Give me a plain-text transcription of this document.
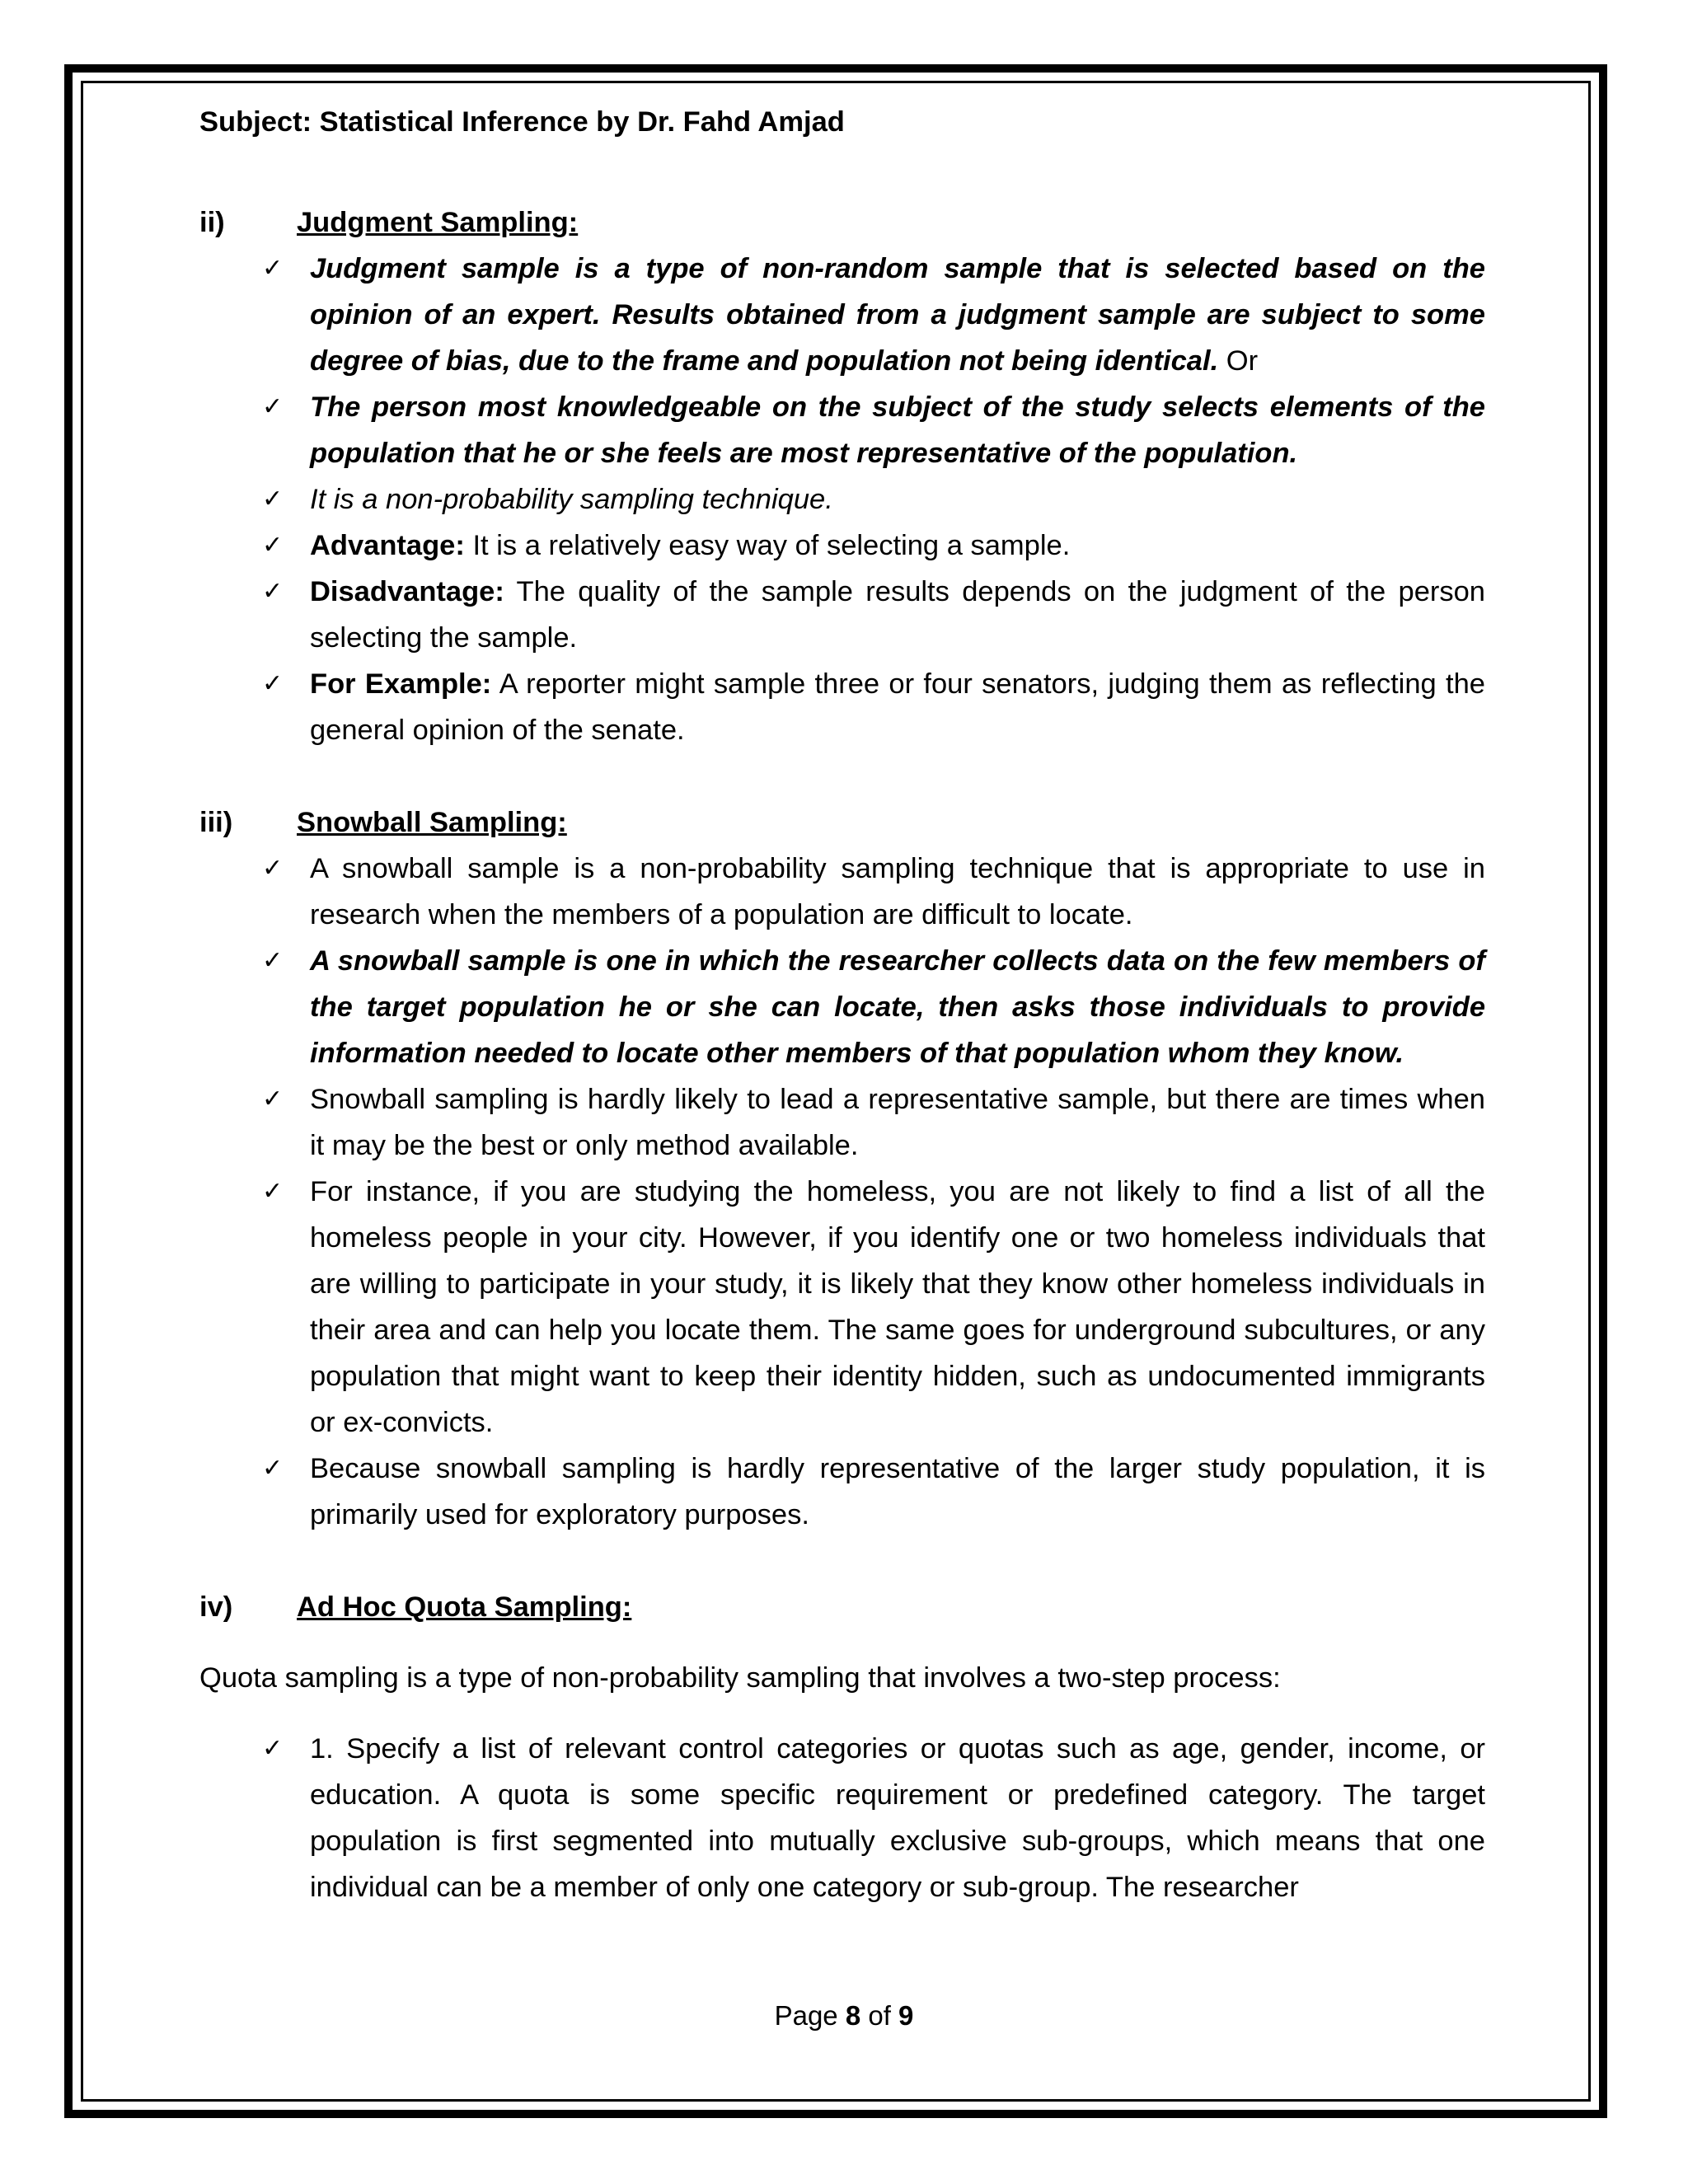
Subject: Statistical Inference by Dr. Fahd Amjad
ii)	Judgment Sampling:
✓ Judgment sample is a type of non-random sample that is selected based on the opinion of an expert. Results obtained from a judgment sample are subject to some degree of bias, due to the frame and population not being identical. Or
✓ The person most knowledgeable on the subject of the study selects elements of the population that he or she feels are most representative of the population.
✓ It is a non-probability sampling technique.
✓ Advantage: It is a relatively easy way of selecting a sample.
✓ Disadvantage: The quality of the sample results depends on the judgment of the person selecting the sample.
✓ For Example: A reporter might sample three or four senators, judging them as reflecting the general opinion of the senate.
iii)	Snowball Sampling:
✓ A snowball sample is a non-probability sampling technique that is appropriate to use in research when the members of a population are difficult to locate.
✓ A snowball sample is one in which the researcher collects data on the few members of the target population he or she can locate, then asks those individuals to provide information needed to locate other members of that population whom they know.
✓ Snowball sampling is hardly likely to lead a representative sample, but there are times when it may be the best or only method available.
✓ For instance, if you are studying the homeless, you are not likely to find a list of all the homeless people in your city. However, if you identify one or two homeless individuals that are willing to participate in your study, it is likely that they know other homeless individuals in their area and can help you locate them. The same goes for underground subcultures, or any population that might want to keep their identity hidden, such as undocumented immigrants or ex-convicts.
✓ Because snowball sampling is hardly representative of the larger study population, it is primarily used for exploratory purposes.
iv)	Ad Hoc Quota Sampling:
Quota sampling is a type of non-probability sampling that involves a two-step process:
✓ 1. Specify a list of relevant control categories or quotas such as age, gender, income, or education. A quota is some specific requirement or predefined category. The target population is first segmented into mutually exclusive sub-groups, which means that one individual can be a member of only one category or sub-group. The researcher
Page 8 of 9
